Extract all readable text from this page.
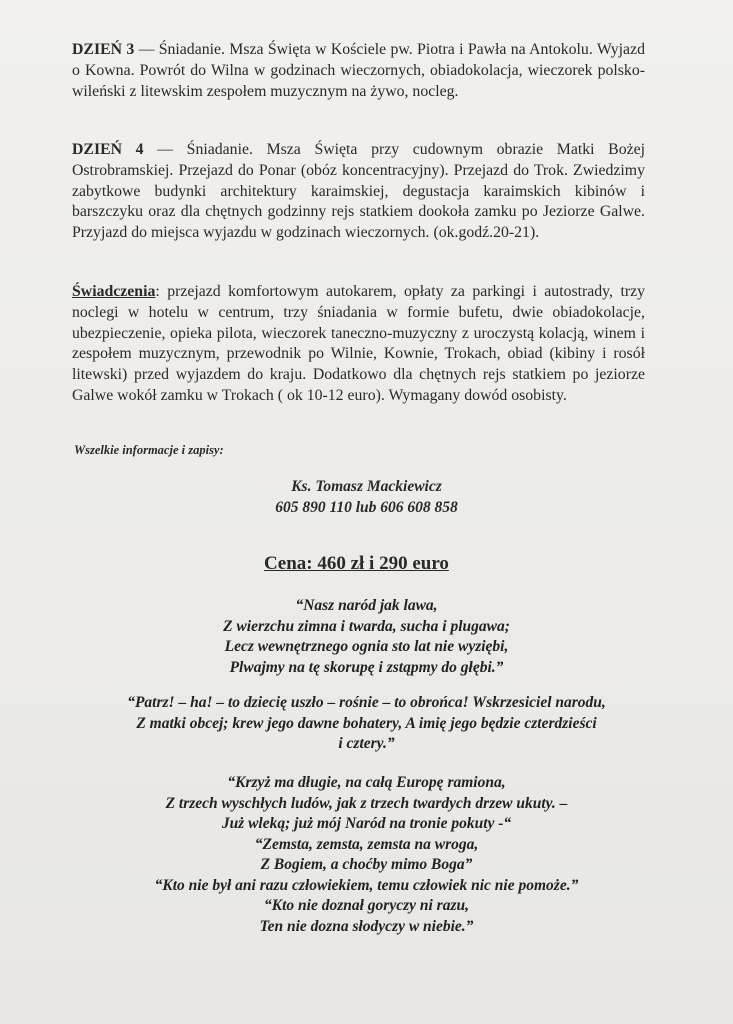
DZIEŃ 3 — Śniadanie. Msza Święta w Kościele pw. Piotra i Pawła na Antokolu. Wyjazd o Kowna. Powrót do Wilna w godzinach wieczornych, obiadokolacja, wieczorek polsko-wileński z litewskim zespołem muzycznym na żywo, nocleg.

DZIEŃ 4 — Śniadanie. Msza Święta przy cudownym obrazie Matki Bożej Ostrobramskiej. Przejazd do Ponar (obóz koncentracyjny). Przejazd do Trok. Zwiedzimy zabytkowe budynki architektury karaimskiej, degustacja karaimskich kibinów i barszczyku oraz dla chętnych godzinny rejs statkiem dookoła zamku po Jeziorze Galwe. Przyjazd do miejsca wyjazdu w godzinach wieczornych. (ok.godź.20-21).

Świadczenia: przejazd komfortowym autokarem, opłaty za parkingi i autostrady, trzy noclegi w hotelu w centrum, trzy śniadania w formie bufetu, dwie obiadokolacje, ubezpieczenie, opieka pilota, wieczorek taneczno-muzyczny z uroczystą kolacją, winem i zespołem muzycznym, przewodnik po Wilnie, Kownie, Trokach, obiad (kibiny i rosół litewski) przed wyjazdem do kraju. Dodatkowo dla chętnych rejs statkiem po jeziorze Galwe wokół zamku w Trokach ( ok 10-12 euro). Wymagany dowód osobisty.

Wszelkie informacje i zapisy:

Ks. Tomasz Mackiewicz

605 890 110 lub 606 608 858

Cena: 460 zł i 290 euro

“Nasz naród jak lawa,
Z wierzchu zimna i twarda, sucha i plugawa;
Lecz wewnętrznego ognia sto lat nie wyziębi,
Plwajmy na tę skorupę i zstąpmy do głębi.”
“Patrz! – ha! – to dziecię uszło – rośnie – to obrońca! Wskrzesiciel narodu,
Z matki obcej; krew jego dawne bohatery, A imię jego będzie czterdzieści
i cztery.”
“Krzyż ma długie, na całą Europę ramiona,
Z trzech wyschłych ludów, jak z trzech twardych drzew ukuty. –
Już wleką; już mój Naród na tronie pokuty -“
“Zemsta, zemsta, zemsta na wroga,
Z Bogiem, a choćby mimo Boga”
“Kto nie był ani razu człowiekiem, temu człowiek nic nie pomoże.”
“Kto nie doznał goryczy ni razu,
Ten nie dozna słodyczy w niebie.”
